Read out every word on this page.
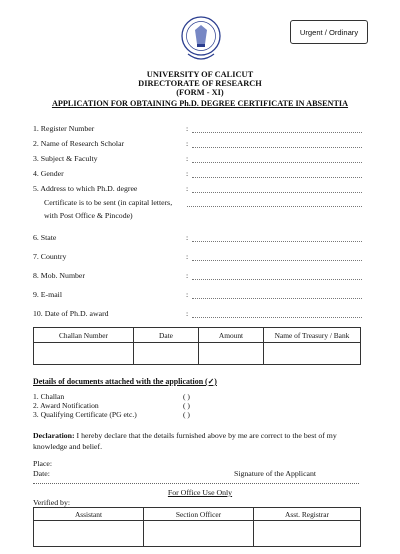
Urgent / Ordinary
UNIVERSITY OF CALICUT
DIRECTORATE OF RESEARCH
(FORM - XI)
APPLICATION FOR OBTAINING Ph.D. DEGREE CERTIFICATE IN ABSENTIA
1. Register Number	:
2. Name of Research Scholar	:
3. Subject & Faculty	:
4. Gender	:
5. Address to which Ph.D. degree	:
Certificate is to be sent (in capital letters,
with Post Office & Pincode)
6. State	:
7. Country	:
8. Mob. Number	:
9. E-mail	:
10. Date of Ph.D. award	:
Challan Number	Date	Amount	Name of Treasury / Bank

Details of documents attached with the application (✓)
1. Challan	( )
2. Award Notification	( )
3. Qualifying Certificate (PG etc.)	( )
Declaration: I hereby declare that the details furnished above by me are correct to the best of my knowledge and belief.
Place:
Date:	Signature of the Applicant
For Office Use Only
Verified by:
Assistant	Section Officer	Asst. Registrar
